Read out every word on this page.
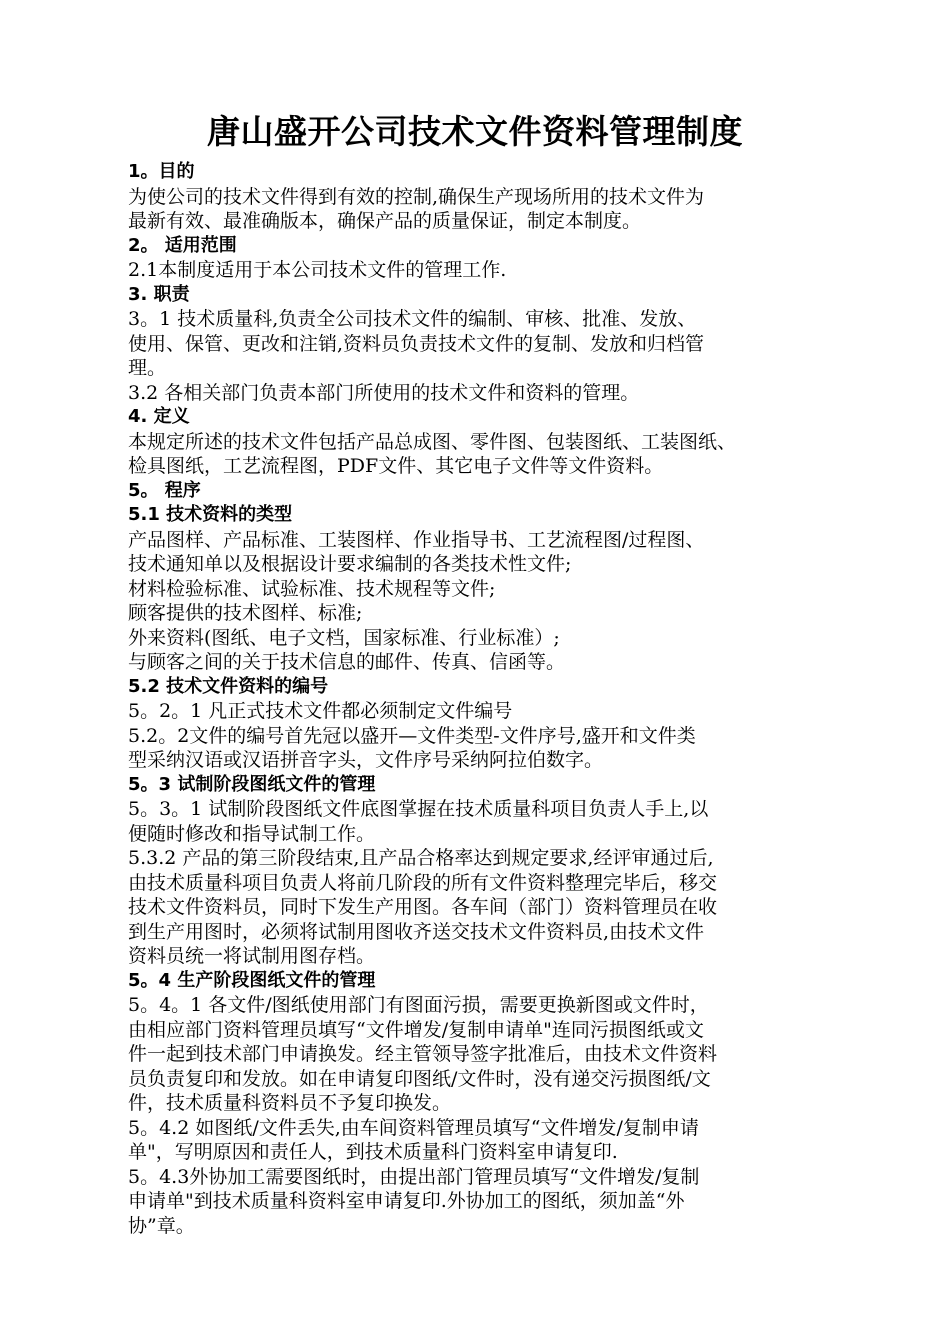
唐山盛开公司技术文件资料管理制度
1。目的
为使公司的技术文件得到有效的控制,确保生产现场所用的技术文件为
最新有效、最准确版本，确保产品的质量保证，制定本制度。
2。 适用范围
2.1本制度适用于本公司技术文件的管理工作.
3. 职责
3。1 技术质量科,负责全公司技术文件的编制、审核、批准、发放、
使用、保管、更改和注销,资料员负责技术文件的复制、发放和归档管
理。
3.2 各相关部门负责本部门所使用的技术文件和资料的管理。
4. 定义
本规定所述的技术文件包括产品总成图、零件图、包装图纸、工装图纸、
检具图纸，工艺流程图，PDF文件、其它电子文件等文件资料。
5。 程序
5.1 技术资料的类型
产品图样、产品标准、工装图样、作业指导书、工艺流程图/过程图、
技术通知单以及根据设计要求编制的各类技术性文件;
材料检验标准、试验标准、技术规程等文件;
顾客提供的技术图样、标准;
外来资料(图纸、电子文档，国家标准、行业标准）;
与顾客之间的关于技术信息的邮件、传真、信函等。
5.2 技术文件资料的编号
5。2。1 凡正式技术文件都必须制定文件编号
5.2。2文件的编号首先冠以盛开—文件类型-文件序号,盛开和文件类
型采纳汉语或汉语拼音字头，文件序号采纳阿拉伯数字。
5。3 试制阶段图纸文件的管理
5。3。1 试制阶段图纸文件底图掌握在技术质量科项目负责人手上,以
便随时修改和指导试制工作。
5.3.2 产品的第三阶段结束,且产品合格率达到规定要求,经评审通过后,
由技术质量科项目负责人将前几阶段的所有文件资料整理完毕后，移交
技术文件资料员，同时下发生产用图。各车间（部门）资料管理员在收
到生产用图时，必须将试制用图收齐送交技术文件资料员,由技术文件
资料员统一将试制用图存档。
5。4 生产阶段图纸文件的管理
5。4。1 各文件/图纸使用部门有图面污损，需要更换新图或文件时，
由相应部门资料管理员填写“文件增发/复制申请单"连同污损图纸或文
件一起到技术部门申请换发。经主管领导签字批准后，由技术文件资料
员负责复印和发放。如在申请复印图纸/文件时，没有递交污损图纸/文
件，技术质量科资料员不予复印换发。
5。4.2 如图纸/文件丢失,由车间资料管理员填写“文件增发/复制申请
单"，写明原因和责任人，到技术质量科门资料室申请复印.
5。4.3外协加工需要图纸时，由提出部门管理员填写“文件增发/复制
申请单"到技术质量科资料室申请复印.外协加工的图纸，须加盖“外
协”章。
